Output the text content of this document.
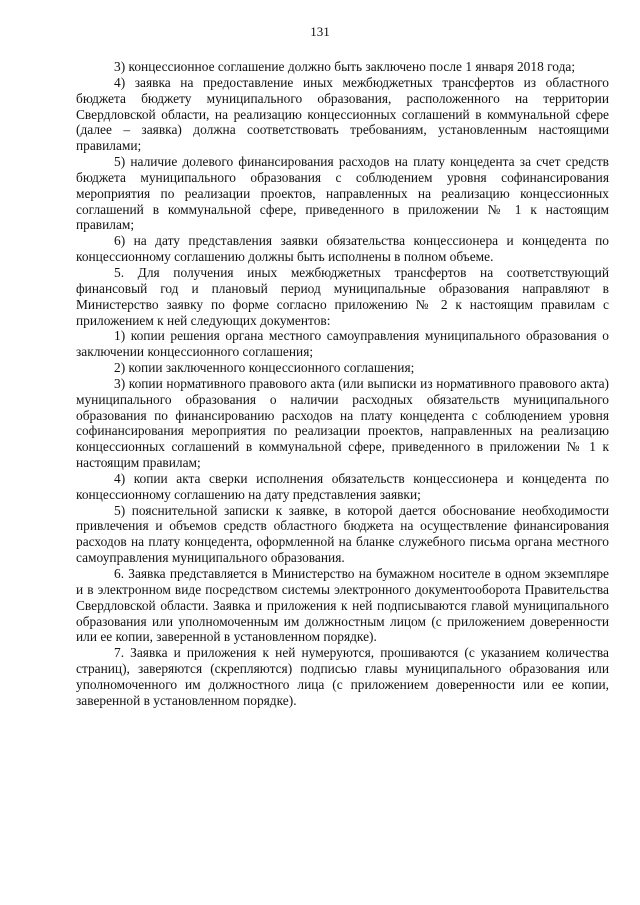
131

3) концессионное соглашение должно быть заключено после 1 января 2018 года;

4) заявка на предоставление иных межбюджетных трансфертов из областного бюджета бюджету муниципального образования, расположенного на территории Свердловской области, на реализацию концессионных соглашений в коммунальной сфере (далее – заявка) должна соответствовать требованиям, установленным настоящими правилами;

5) наличие долевого финансирования расходов на плату концедента за счет средств бюджета муниципального образования с соблюдением уровня софинансирования мероприятия по реализации проектов, направленных на реализацию концессионных соглашений в коммунальной сфере, приведенного в приложении № 1 к настоящим правилам;

6) на дату представления заявки обязательства концессионера и концедента по концессионному соглашению должны быть исполнены в полном объеме.

5. Для получения иных межбюджетных трансфертов на соответствующий финансовый год и плановый период муниципальные образования направляют в Министерство заявку по форме согласно приложению № 2 к настоящим правилам с приложением к ней следующих документов:

1) копии решения органа местного самоуправления муниципального образования о заключении концессионного соглашения;

2) копии заключенного концессионного соглашения;

3) копии нормативного правового акта (или выписки из нормативного правового акта) муниципального образования о наличии расходных обязательств муниципального образования по финансированию расходов на плату концедента с соблюдением уровня софинансирования мероприятия по реализации проектов, направленных на реализацию концессионных соглашений в коммунальной сфере, приведенного в приложении № 1 к настоящим правилам;

4) копии акта сверки исполнения обязательств концессионера и концедента по концессионному соглашению на дату представления заявки;

5) пояснительной записки к заявке, в которой дается обоснование необходимости привлечения и объемов средств областного бюджета на осуществление финансирования расходов на плату концедента, оформленной на бланке служебного письма органа местного самоуправления муниципального образования.

6. Заявка представляется в Министерство на бумажном носителе в одном экземпляре и в электронном виде посредством системы электронного документооборота Правительства Свердловской области. Заявка и приложения к ней подписываются главой муниципального образования или уполномоченным им должностным лицом (с приложением доверенности или ее копии, заверенной в установленном порядке).

7. Заявка и приложения к ней нумеруются, прошиваются (с указанием количества страниц), заверяются (скрепляются) подписью главы муниципального образования или уполномоченного им должностного лица (с приложением доверенности или ее копии, заверенной в установленном порядке).
